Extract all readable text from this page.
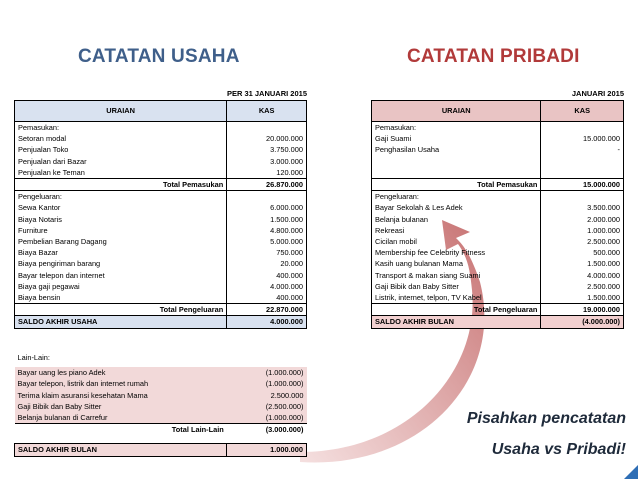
CATATAN USAHA	CATATAN PRIBADI
PER 31 JANUARI 2015	JANUARI 2015
URAIAN	KAS
Pemasukan:	
Setoran modal	20.000.000
Penjualan Toko	3.750.000
Penjualan dari Bazar	3.000.000
Penjualan ke Teman	120.000
Total Pemasukan	26.870.000
Pengeluaran:	
Sewa Kantor	6.000.000
Biaya Notaris	1.500.000
Furniture	4.800.000
Pembelian Barang Dagang	5.000.000
Biaya Bazar	750.000
Biaya pengiriman barang	20.000
Bayar telepon dan internet	400.000
Biaya gaji pegawai	4.000.000
Biaya bensin	400.000
Total Pengeluaran	22.870.000
SALDO AKHIR USAHA	4.000.000
Lain-Lain:	

Bayar uang les piano Adek	(1.000.000)
Bayar telepon, listrik dan internet rumah	(1.000.000)
Terima klaim asuransi kesehatan Mama	2.500.000
Gaji Bibik dan Baby Sitter	(2.500.000)
Belanja bulanan di Carrefur	(1.000.000)
Total Lain-Lain	(3.000.000)

SALDO AKHIR BULAN	1.000.000
URAIAN	KAS
Pemasukan:	
Gaji Suami	15.000.000
Penghasilan Usaha	-

Total Pemasukan	15.000.000
Pengeluaran:	
Bayar Sekolah & Les Adek	3.500.000
Belanja bulanan	2.000.000
Rekreasi	1.000.000
Cicilan mobil	2.500.000
Membership fee Celebrity Fitness	500.000
Kasih uang bulanan Mama	1.500.000
Transport & makan siang Suami	4.000.000
Gaji Bibik dan Baby Sitter	2.500.000
Listrik, internet, telpon, TV Kabel	1.500.000
Total Pengeluaran	19.000.000
SALDO AKHIR BULAN	(4.000.000)
Pisahkan pencatatan
Usaha vs Pribadi!
